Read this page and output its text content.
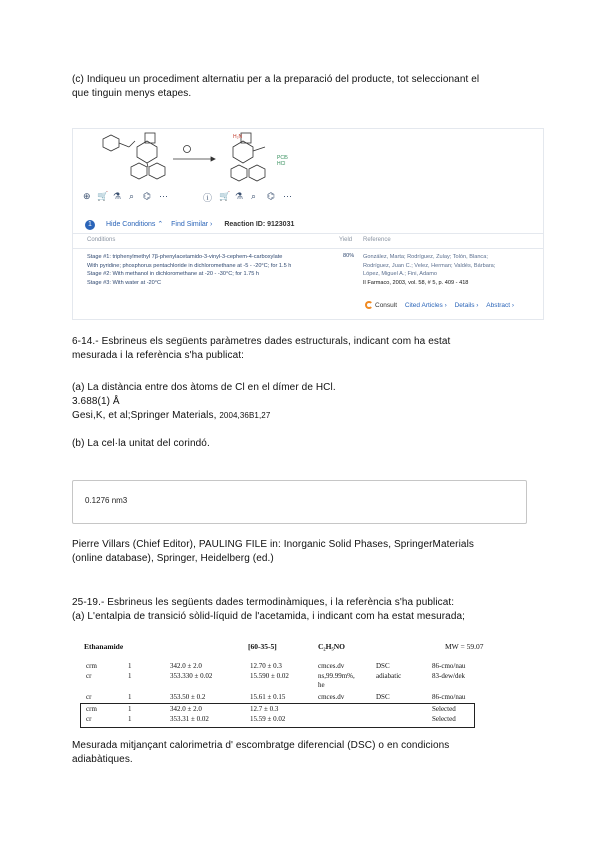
(c) Indiqueu un procediment alternatiu per a la preparació del producte, tot seleccionant el
que tinguin menys etapes.
H₂N
PCl5
HCl
⊕ 🛒 ⚗ ⌕ ⌬ ⋯	ⓘ 🛒 ⚗ ⌕ ⌬ ⋯
1 Hide Conditions ⌃ Find Similar › Reaction ID: 9123031
Conditions	Yield Reference
Stage #1: triphenylmethyl 7β-phenylacetamido-3-vinyl-3-cephem-4-carboxylate
With pyridine; phosphorus pentachloride in dichloromethane at -5 - -20°C; for 1.5 h
Stage #2: With methanol in dichloromethane at -20 - -30°C; for 1.75 h
Stage #3: With water at -20°C
80% González, Marta; Rodríguez, Zulay; Tolón, Blanca;
Rodríguez, Juan C.; Velez, Herman; Valdés, Bárbara;
López, Miguel A.; Fini, Adamo
Il Farmaco, 2003, vol. 58, # 5, p. 409 - 418
Consult Cited Articles › Details › Abstract ›
6-14.- Esbrineus els següents paràmetres dades estructurals, indicant com ha estat
mesurada i la referència s'ha publicat:
(a) La distància entre dos àtoms de Cl en el dímer de HCl.
3.688(1) Å
Gesi,K, et al;Springer Materials, 2004,36B1,27
(b) La cel·la unitat del corindó.
0.1276 nm3
Pierre Villars (Chief Editor), PAULING FILE in: Inorganic Solid Phases, SpringerMaterials
(online database), Springer, Heidelberg (ed.)
25-19.- Esbrineus les següents dades termodinàmiques, i la referència s'ha publicat:
(a) L'entalpia de transició sòlid-líquid de l'acetamida, i indicant com ha estat mesurada;
Ethanamide	[60-35-5]	C₂H₅NO	MW = 59.07
crm	1	342.0 ± 2.0	12.70 ± 0.3	cmces.dv	DSC	86-cmo/nau
cr	1	353.330 ± 0.02	15.590 ± 0.02	ns,99.99m%,	adiabatic	83-dew/dek
he
cr	1	353.50 ± 0.2	15.61 ± 0.15	cmces.dv	DSC	86-cmo/nau
crm	1	342.0 ± 2.0	12.7 ± 0.3	Selected
cr	1	353.31 ± 0.02	15.59 ± 0.02	Selected
Mesurada mitjançant calorimetria d' escombratge diferencial (DSC) o en condicions
adiabàtiques.
